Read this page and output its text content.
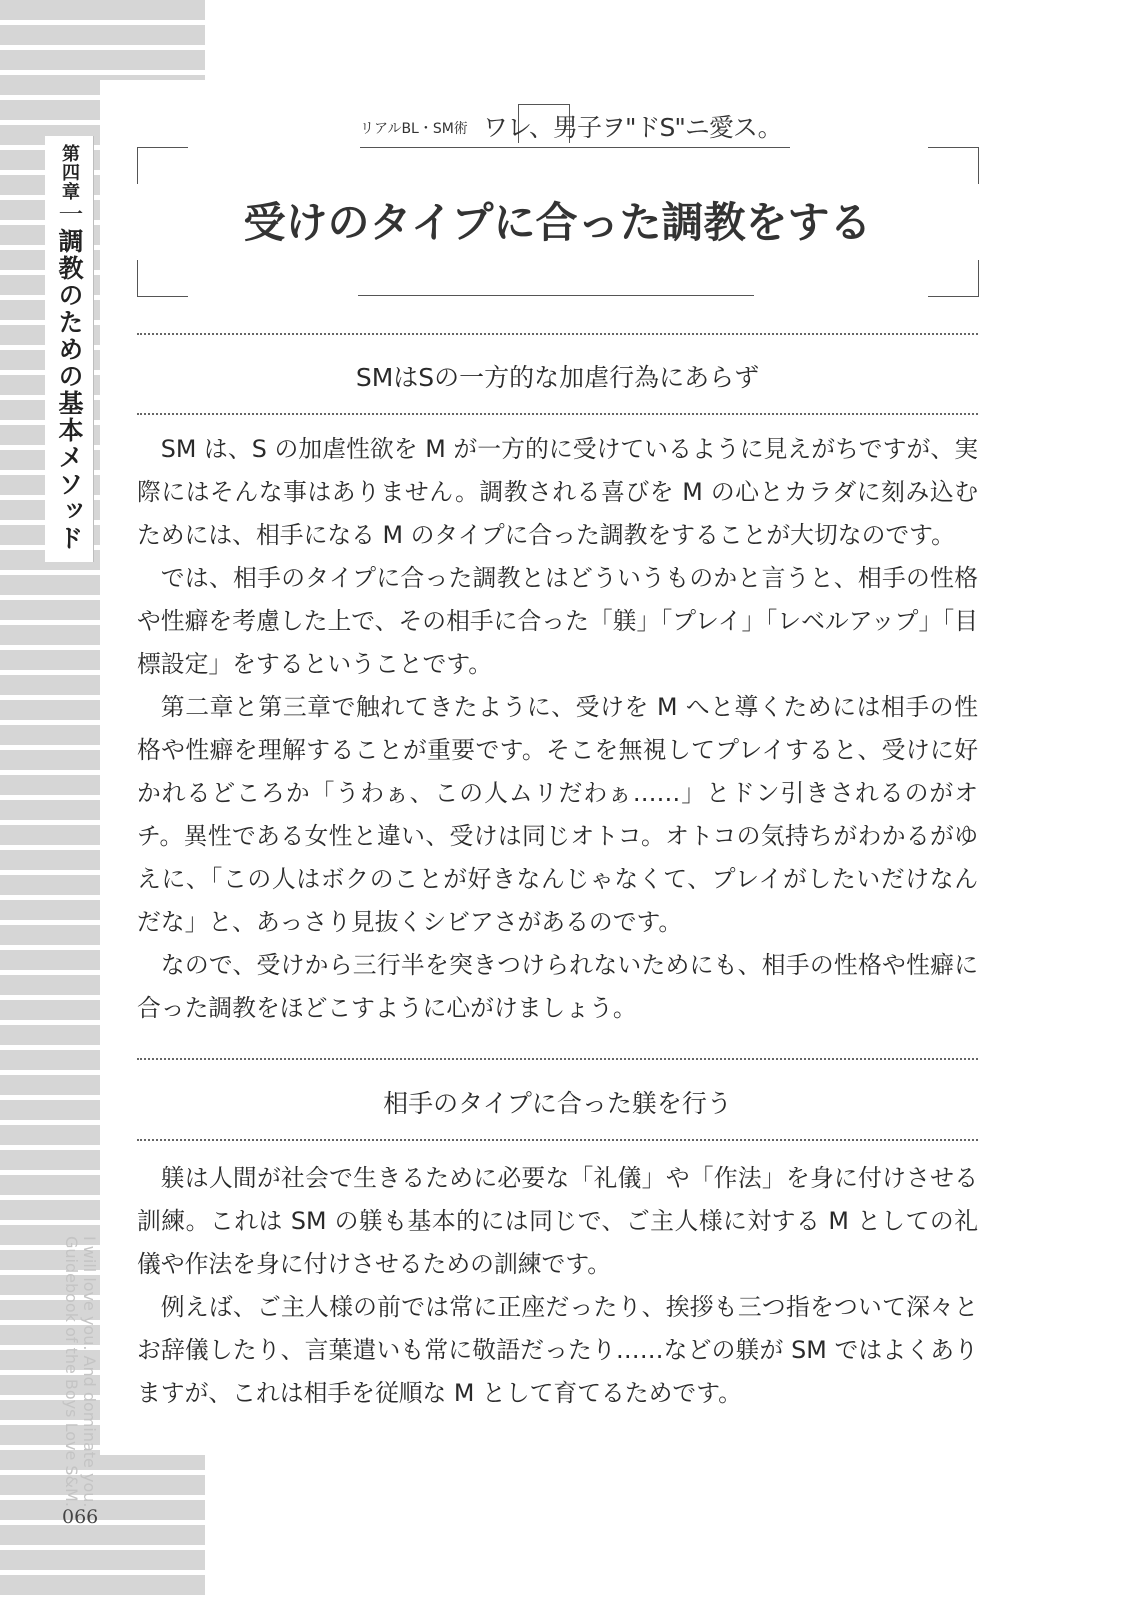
第四章一調教のための基本メソッド
I will love you. And dominate you.
Guidebook of the Boys Love S&M.
066
リアルBL・SM術 ワレ、男子ヲ"ドS"ニ愛ス。
受けのタイプに合った調教をする
SMはSの一方的な加虐行為にあらず

SM は、S の加虐性欲を M が一方的に受けているように見えがちですが、実際にはそんな事はありません。調教される喜びを M の心とカラダに刻み込むためには、相手になる M のタイプに合った調教をすることが大切なのです。

では、相手のタイプに合った調教とはどういうものかと言うと、相手の性格や性癖を考慮した上で、その相手に合った「躾」「プレイ」「レベルアップ」「目標設定」をするということです。

第二章と第三章で触れてきたように、受けを M へと導くためには相手の性格や性癖を理解することが重要です。そこを無視してプレイすると、受けに好かれるどころか「うわぁ、この人ムリだわぁ……」とドン引きされるのがオチ。異性である女性と違い、受けは同じオトコ。オトコの気持ちがわかるがゆえに、「この人はボクのことが好きなんじゃなくて、プレイがしたいだけなんだな」と、あっさり見抜くシビアさがあるのです。

なので、受けから三行半を突きつけられないためにも、相手の性格や性癖に合った調教をほどこすように心がけましょう。

相手のタイプに合った躾を行う

躾は人間が社会で生きるために必要な「礼儀」や「作法」を身に付けさせる訓練。これは SM の躾も基本的には同じで、ご主人様に対する M としての礼儀や作法を身に付けさせるための訓練です。

例えば、ご主人様の前では常に正座だったり、挨拶も三つ指をついて深々とお辞儀したり、言葉遣いも常に敬語だったり……などの躾が SM ではよくありますが、これは相手を従順な M として育てるためです。
